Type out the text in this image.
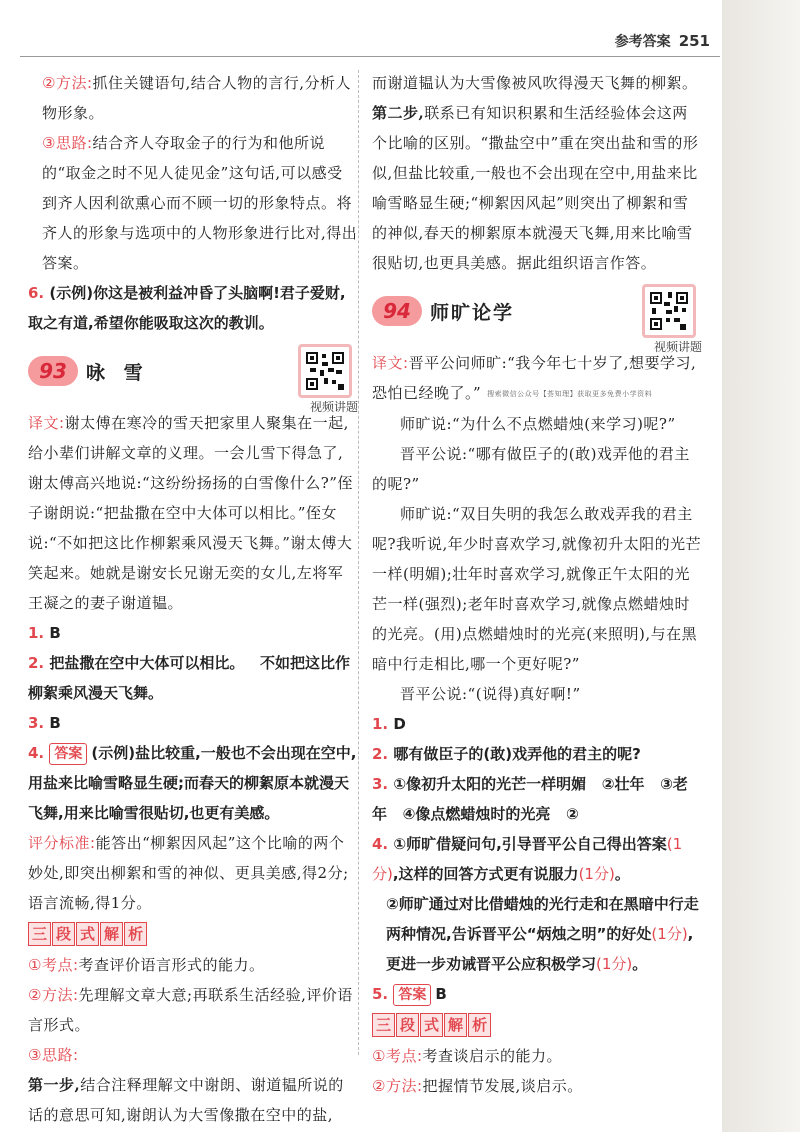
参考答案 251

②方法:抓住关键语句,结合人物的言行,分析人物形象。

③思路:结合齐人夺取金子的行为和他所说的“取金之时不见人徒见金”这句话,可以感受到齐人因利欲熏心而不顾一切的形象特点。将齐人的形象与选项中的人物形象进行比对,得出答案。

6. (示例)你这是被利益冲昏了头脑啊!君子爱财,取之有道,希望你能吸取这次的教训。

93 咏 雪
视频讲题

译文:谢太傅在寒冷的雪天把家里人聚集在一起,给小辈们讲解文章的义理。一会儿雪下得急了,谢太傅高兴地说:“这纷纷扬扬的白雪像什么?”侄子谢朗说:“把盐撒在空中大体可以相比。”侄女说:“不如把这比作柳絮乘风漫天飞舞。”谢太傅大笑起来。她就是谢安长兄谢无奕的女儿,左将军王凝之的妻子谢道韫。

1. B

2. 把盐撒在空中大体可以相比。   不如把这比作柳絮乘风漫天飞舞。

3. B

4. 答案 (示例)盐比较重,一般也不会出现在空中,用盐来比喻雪略显生硬;而春天的柳絮原本就漫天飞舞,用来比喻雪很贴切,也更有美感。

评分标准:能答出“柳絮因风起”这个比喻的两个妙处,即突出柳絮和雪的神似、更具美感,得2分;语言流畅,得1分。

三 段 式 解 析

①考点:考查评价语言形式的能力。

②方法:先理解文章大意;再联系生活经验,评价语言形式。

③思路:

第一步,结合注释理解文中谢朗、谢道韫所说的话的意思可知,谢朗认为大雪像撒在空中的盐,

而谢道韫认为大雪像被风吹得漫天飞舞的柳絮。

第二步,联系已有知识积累和生活经验体会这两个比喻的区别。“撒盐空中”重在突出盐和雪的形似,但盐比较重,一般也不会出现在空中,用盐来比喻雪略显生硬;“柳絮因风起”则突出了柳絮和雪的神似,春天的柳絮原本就漫天飞舞,用来比喻雪很贴切,也更具美感。据此组织语言作答。

94 师旷论学
视频讲题

译文:晋平公问师旷:“我今年七十岁了,想要学习,恐怕已经晚了。” 搜索微信公众号【荟知理】获取更多免费小学资料

师旷说:“为什么不点燃蜡烛(来学习)呢?”

晋平公说:“哪有做臣子的(敢)戏弄他的君主的呢?”

师旷说:“双目失明的我怎么敢戏弄我的君主呢?我听说,年少时喜欢学习,就像初升太阳的光芒一样(明媚);壮年时喜欢学习,就像正午太阳的光芒一样(强烈);老年时喜欢学习,就像点燃蜡烛时的光亮。(用)点燃蜡烛时的光亮(来照明),与在黑暗中行走相比,哪一个更好呢?”

晋平公说:“(说得)真好啊!”

1. D

2. 哪有做臣子的(敢)戏弄他的君主的呢?

3. ①像初升太阳的光芒一样明媚   ②壮年   ③老年   ④像点燃蜡烛时的光亮   ②

4. ①师旷借疑问句,引导晋平公自己得出答案(1分),这样的回答方式更有说服力(1分)。

②师旷通过对比借蜡烛的光行走和在黑暗中行走两种情况,告诉晋平公“炳烛之明”的好处(1分),更进一步劝诫晋平公应积极学习(1分)。

5. 答案 B

三 段 式 解 析

①考点:考查谈启示的能力。

②方法:把握情节发展,谈启示。
